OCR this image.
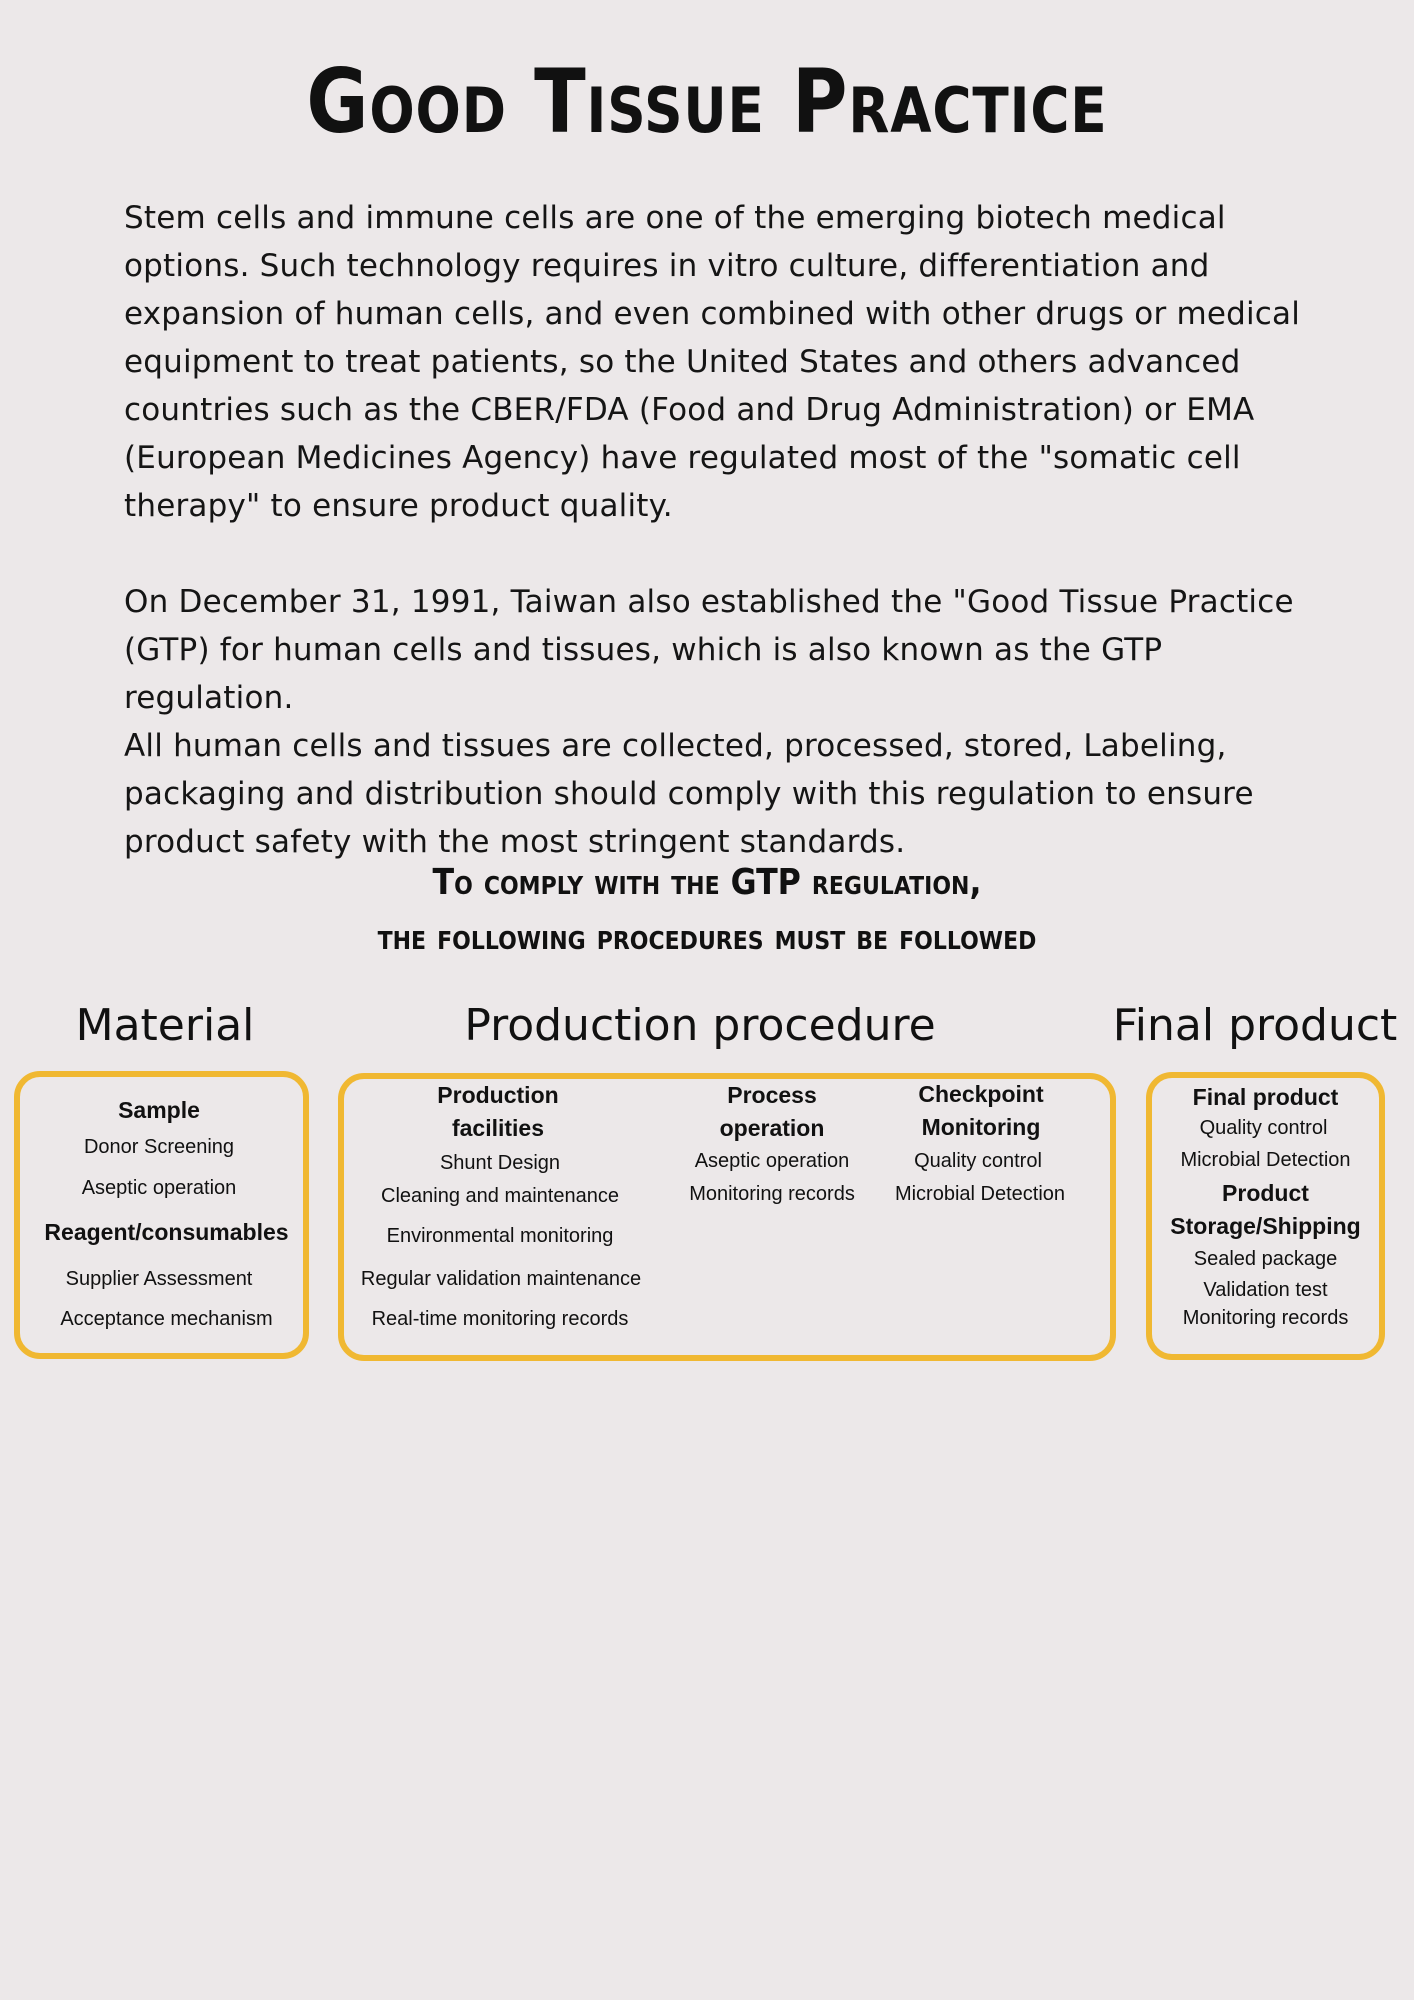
Good Tissue Practice
Stem cells and immune cells are one of the emerging biotech medical
options. Such technology requires in vitro culture, differentiation and
expansion of human cells, and even combined with other drugs or medical
equipment to treat patients, so the United States and others advanced
countries such as the CBER/FDA (Food and Drug Administration) or EMA
(European Medicines Agency) have regulated most of the "somatic cell
therapy" to ensure product quality.
On December 31, 1991, Taiwan also established the "Good Tissue Practice
(GTP) for human cells and tissues, which is also known as the GTP regulation.
All human cells and tissues are collected, processed, stored, Labeling,
packaging and distribution should comply with this regulation to ensure
product safety with the most stringent standards.
To comply with the GTP regulation,
the following procedures must be followed
Material	Production procedure	Final product
Sample
Donor Screening
Aseptic operation
Reagent/consumables
Supplier Assessment
Acceptance mechanism
Production
facilities
Shunt Design
Cleaning and maintenance
Environmental monitoring
Regular validation maintenance
Real-time monitoring records
Process
operation
Aseptic operation
Monitoring records
Checkpoint
Monitoring
Quality control
Microbial Detection
Final product
Quality control
Microbial Detection
Product
Storage/Shipping
Sealed package
Validation test
Monitoring records
